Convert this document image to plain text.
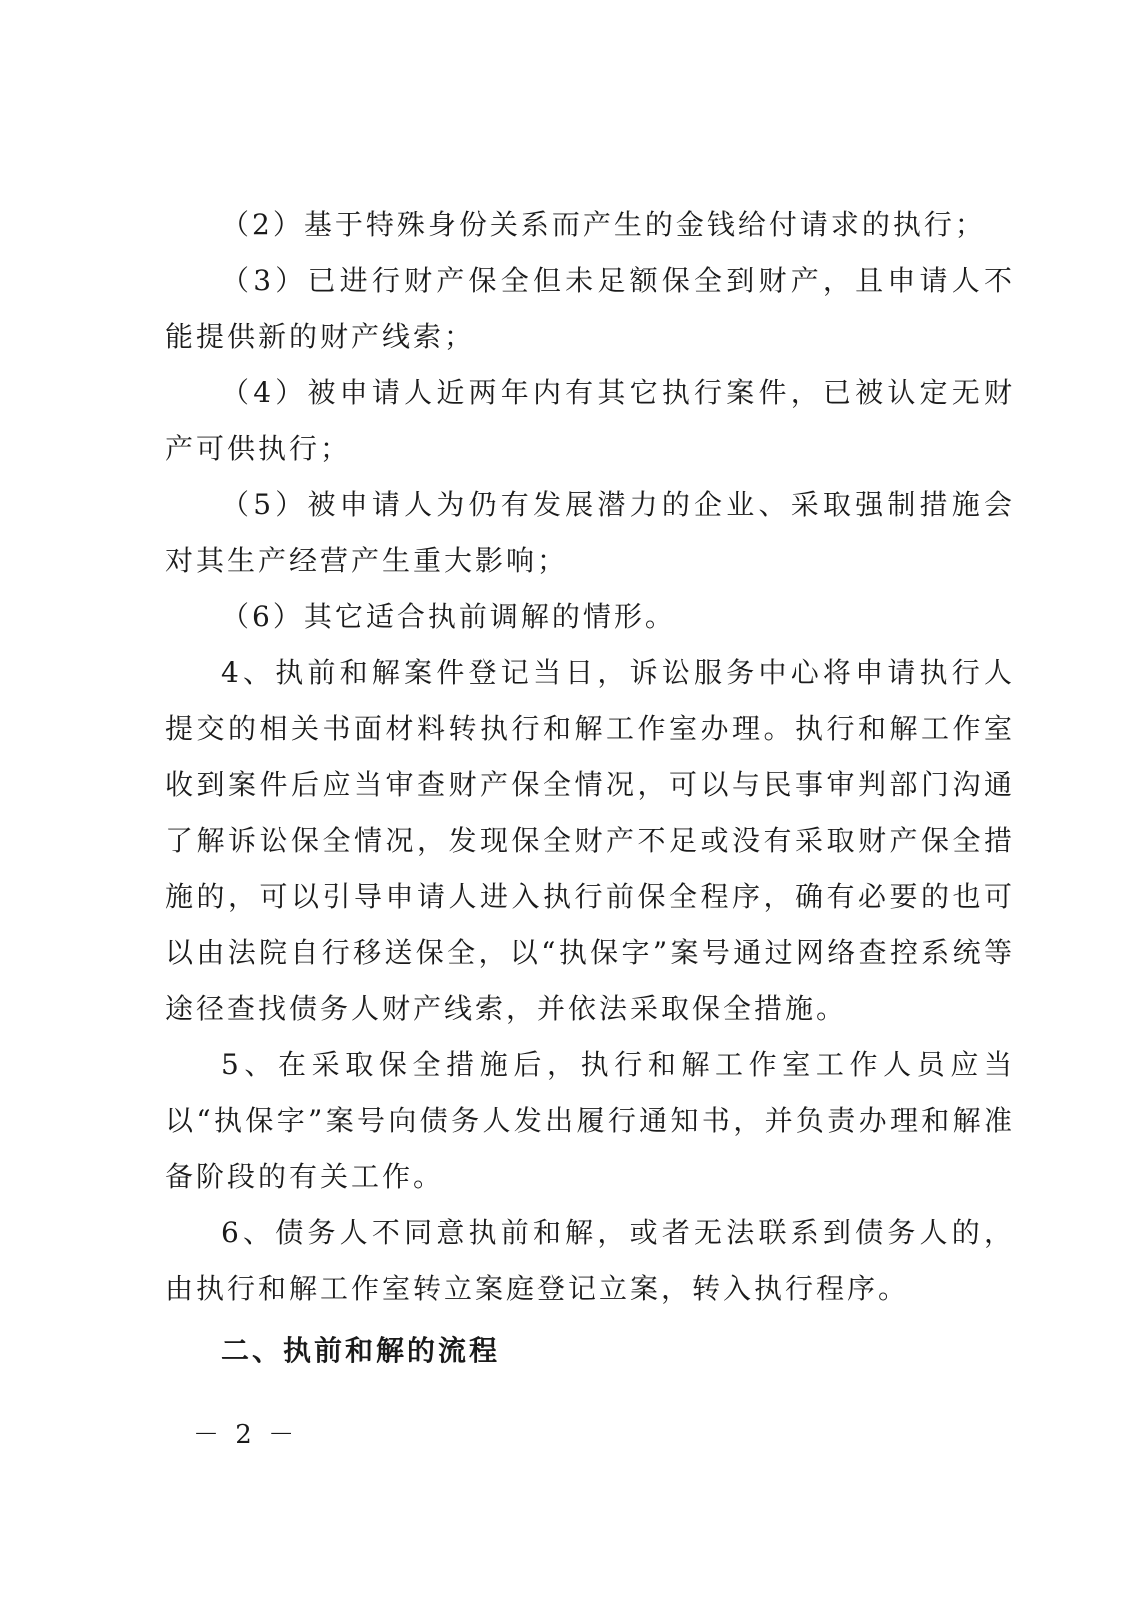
（2）基于特殊身份关系而产生的金钱给付请求的执行；

（3）已进行财产保全但未足额保全到财产，且申请人不能提供新的财产线索；

（4）被申请人近两年内有其它执行案件，已被认定无财产可供执行；

（5）被申请人为仍有发展潜力的企业、采取强制措施会对其生产经营产生重大影响；

（6）其它适合执前调解的情形。

4、执前和解案件登记当日，诉讼服务中心将申请执行人提交的相关书面材料转执行和解工作室办理。执行和解工作室收到案件后应当审查财产保全情况，可以与民事审判部门沟通了解诉讼保全情况，发现保全财产不足或没有采取财产保全措施的，可以引导申请人进入执行前保全程序，确有必要的也可以由法院自行移送保全，以“执保字”案号通过网络查控系统等途径查找债务人财产线索，并依法采取保全措施。

5、在采取保全措施后，执行和解工作室工作人员应当以“执保字”案号向债务人发出履行通知书，并负责办理和解准备阶段的有关工作。

6、债务人不同意执前和解，或者无法联系到债务人的，由执行和解工作室转立案庭登记立案，转入执行程序。

二、执前和解的流程

－ 2 －
